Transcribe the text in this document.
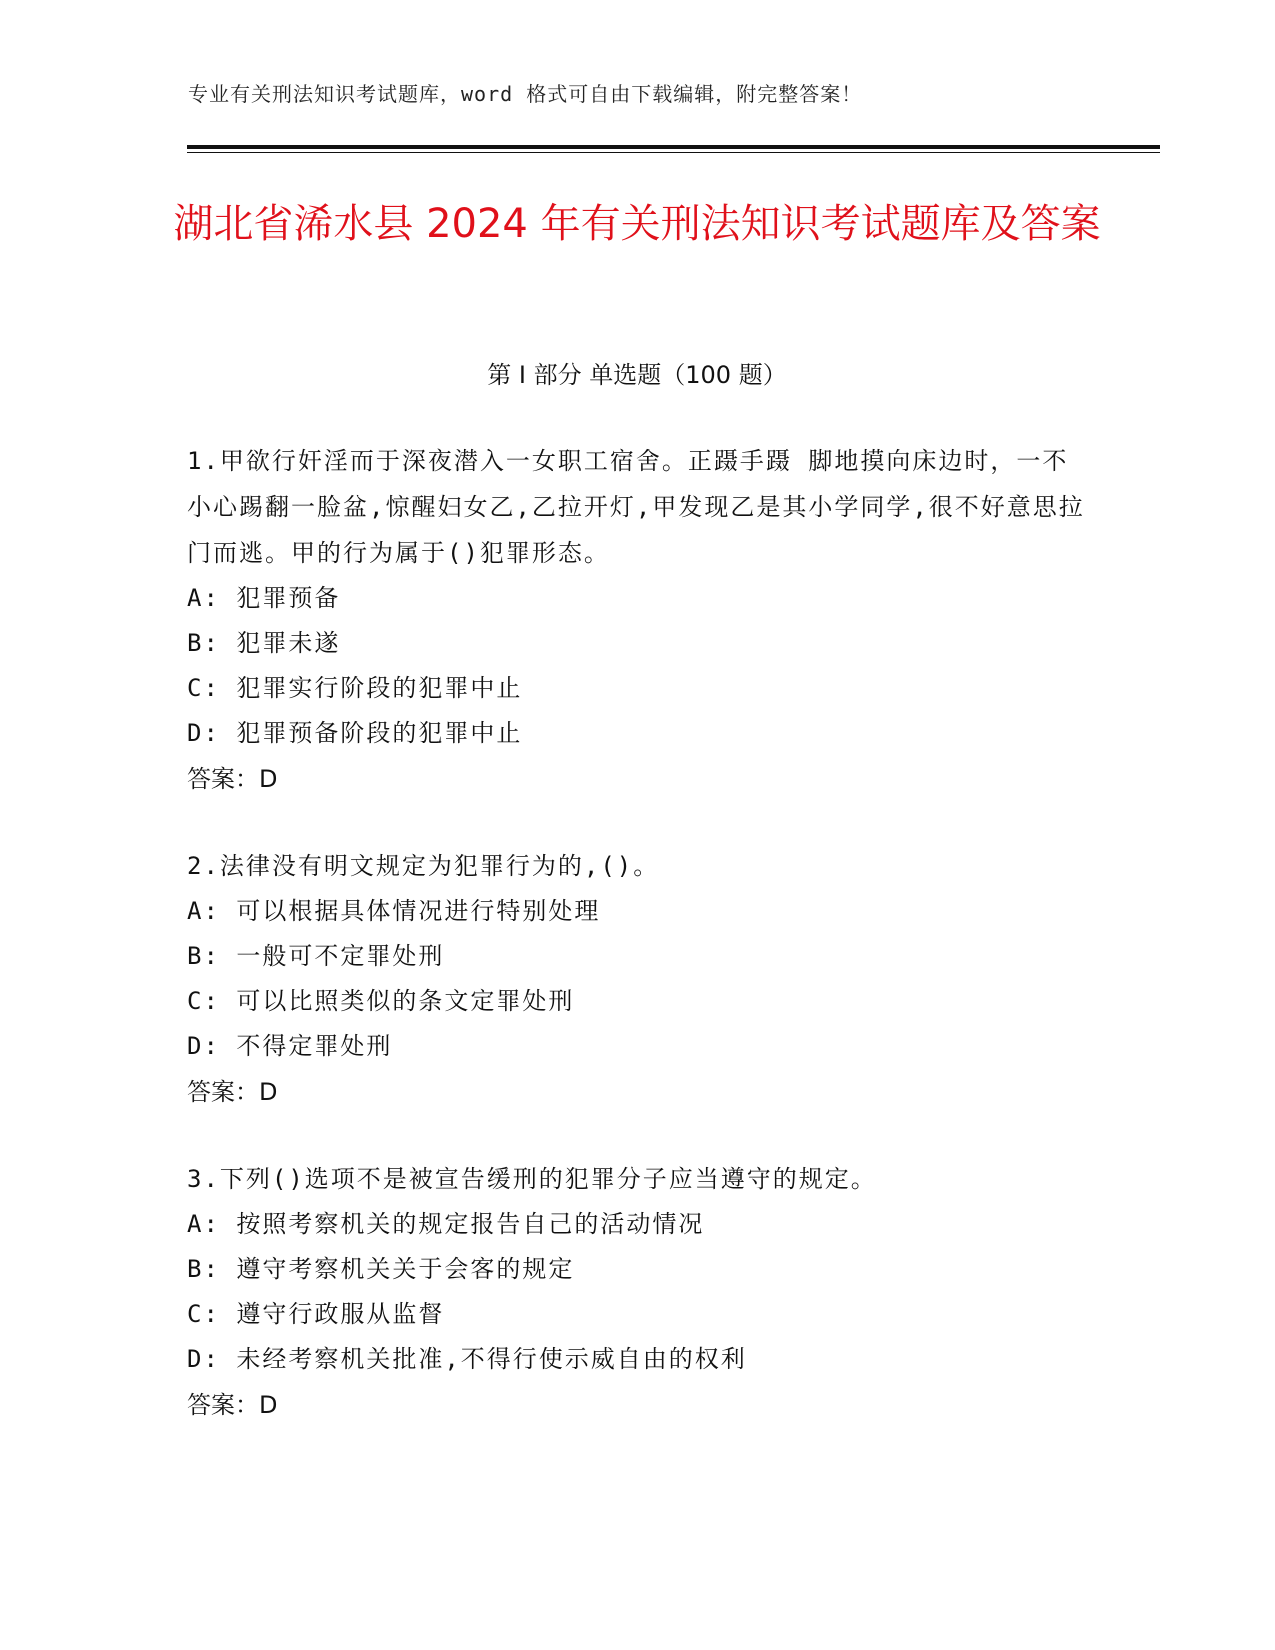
专业有关刑法知识考试题库，word 格式可自由下载编辑，附完整答案！
湖北省浠水县 2024 年有关刑法知识考试题库及答案
第 I 部分 单选题（100 题）
1.甲欲行奸淫而于深夜潜入一女职工宿舍。正蹑手蹑 脚地摸向床边时，一不小心踢翻一脸盆,惊醒妇女乙,乙拉开灯,甲发现乙是其小学同学,很不好意思拉门而逃。甲的行为属于()犯罪形态。
A: 犯罪预备
B: 犯罪未遂
C: 犯罪实行阶段的犯罪中止
D: 犯罪预备阶段的犯罪中止
答案：D
2.法律没有明文规定为犯罪行为的,()。
A: 可以根据具体情况进行特别处理
B: 一般可不定罪处刑
C: 可以比照类似的条文定罪处刑
D: 不得定罪处刑
答案：D
3.下列()选项不是被宣告缓刑的犯罪分子应当遵守的规定。
A: 按照考察机关的规定报告自己的活动情况
B: 遵守考察机关关于会客的规定
C: 遵守行政服从监督
D: 未经考察机关批准,不得行使示威自由的权利
答案：D
